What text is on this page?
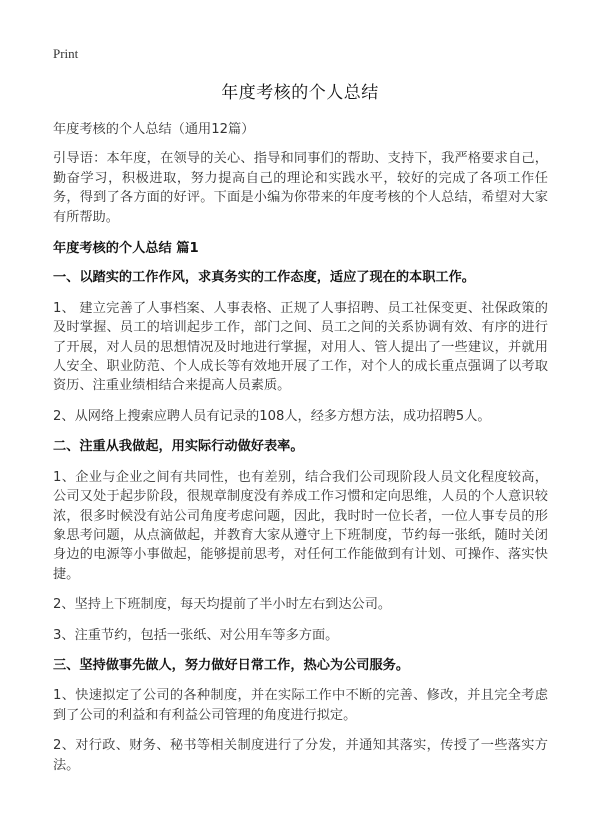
Print

年度考核的个人总结

年度考核的个人总结（通用12篇）

引导语：本年度，在领导的关心、指导和同事们的帮助、支持下，我严格要求自己，勤奋学习，积极进取，努力提高自己的理论和实践水平，较好的完成了各项工作任务，得到了各方面的好评。下面是小编为你带来的年度考核的个人总结，希望对大家有所帮助。

年度考核的个人总结 篇1

一、以踏实的工作作风，求真务实的工作态度，适应了现在的本职工作。

1、 建立完善了人事档案、人事表格、正规了人事招聘、员工社保变更、社保政策的及时掌握、员工的培训起步工作，部门之间、员工之间的关系协调有效、有序的进行了开展，对人员的思想情况及时地进行掌握，对用人、管人提出了一些建议，并就用人安全、职业防范、个人成长等有效地开展了工作，对个人的成长重点强调了以考取资历、注重业绩相结合来提高人员素质。

2、从网络上搜索应聘人员有记录的108人，经多方想方法，成功招聘5人。

二、注重从我做起，用实际行动做好表率。

1、企业与企业之间有共同性，也有差别，结合我们公司现阶段人员文化程度较高，公司又处于起步阶段，很规章制度没有养成工作习惯和定向思维，人员的个人意识较浓，很多时候没有站公司角度考虑问题，因此，我时时一位长者，一位人事专员的形象思考问题，从点滴做起，并教育大家从遵守上下班制度，节约每一张纸，随时关闭身边的电源等小事做起，能够提前思考，对任何工作能做到有计划、可操作、落实快捷。

2、坚持上下班制度，每天均提前了半小时左右到达公司。

3、注重节约，包括一张纸、对公用车等多方面。

三、坚持做事先做人，努力做好日常工作，热心为公司服务。

1、快速拟定了公司的各种制度，并在实际工作中不断的完善、修改，并且完全考虑到了公司的利益和有利益公司管理的角度进行拟定。

2、对行政、财务、秘书等相关制度进行了分发，并通知其落实，传授了一些落实方法。
